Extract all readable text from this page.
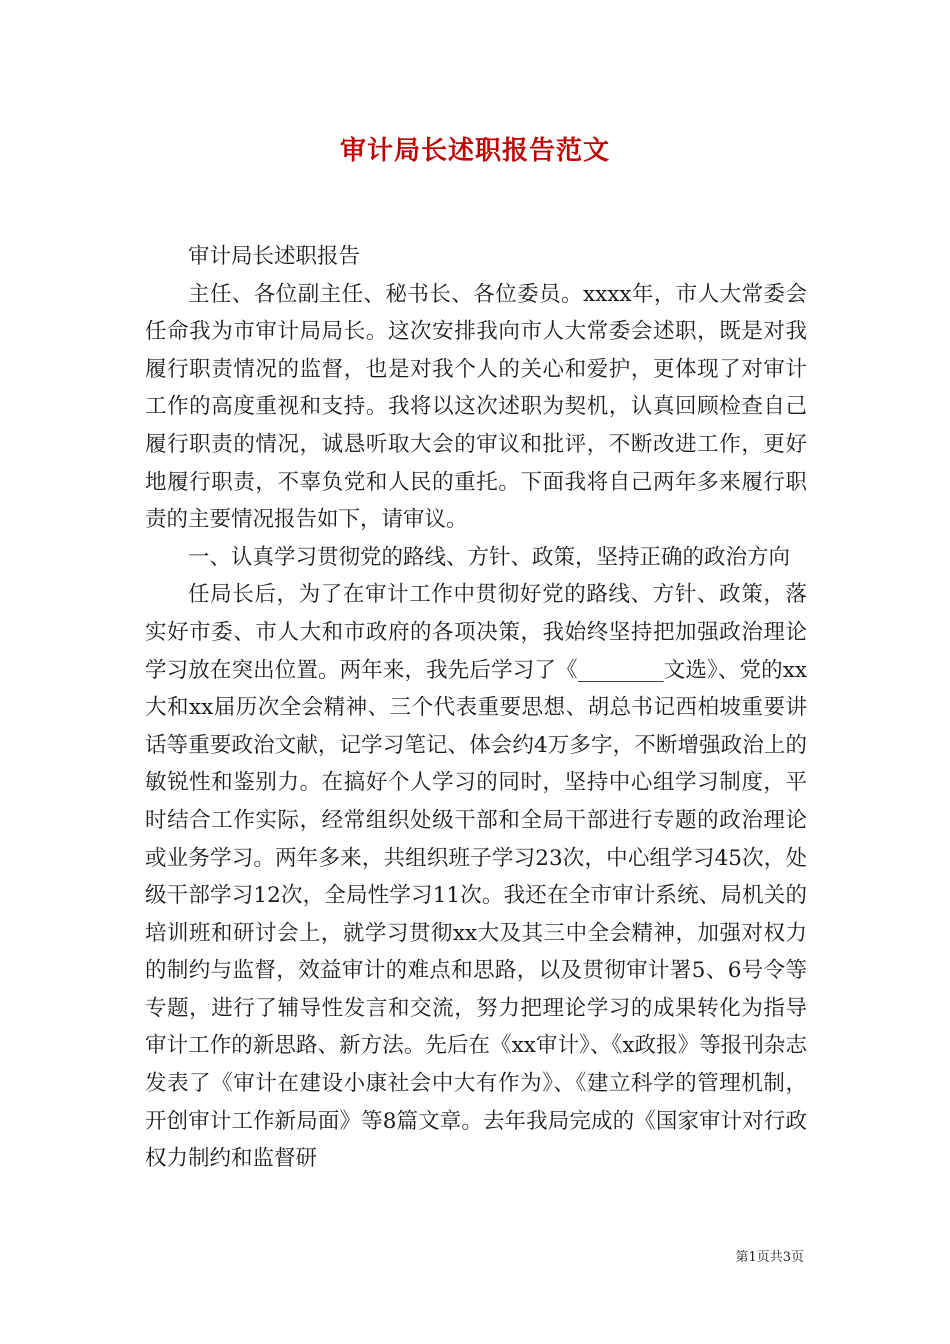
审计局长述职报告范文

审计局长述职报告

主任、各位副主任、秘书长、各位委员。xxxx年，市人大常委会任命我为市审计局局长。这次安排我向市人大常委会述职，既是对我履行职责情况的监督，也是对我个人的关心和爱护，更体现了对审计工作的高度重视和支持。我将以这次述职为契机，认真回顾检查自己履行职责的情况，诚恳听取大会的审议和批评，不断改进工作，更好地履行职责，不辜负党和人民的重托。下面我将自己两年多来履行职责的主要情况报告如下，请审议。

一、认真学习贯彻党的路线、方针、政策，坚持正确的政治方向

任局长后，为了在审计工作中贯彻好党的路线、方针、政策，落实好市委、市人大和市政府的各项决策，我始终坚持把加强政治理论学习放在突出位置。两年来，我先后学习了《________文选》、党的xx大和xx届历次全会精神、三个代表重要思想、胡总书记西柏坡重要讲话等重要政治文献，记学习笔记、体会约4万多字，不断增强政治上的敏锐性和鉴别力。在搞好个人学习的同时，坚持中心组学习制度，平时结合工作实际，经常组织处级干部和全局干部进行专题的政治理论或业务学习。两年多来，共组织班子学习23次，中心组学习45次，处级干部学习12次，全局性学习11次。我还在全市审计系统、局机关的培训班和研讨会上，就学习贯彻xx大及其三中全会精神，加强对权力的制约与监督，效益审计的难点和思路，以及贯彻审计署5、6号令等专题，进行了辅导性发言和交流，努力把理论学习的成果转化为指导审计工作的新思路、新方法。先后在《xx审计》、《x政报》等报刊杂志发表了《审计在建设小康社会中大有作为》、《建立科学的管理机制，开创审计工作新局面》等8篇文章。去年我局完成的《国家审计对行政权力制约和监督研

第1页共3页
